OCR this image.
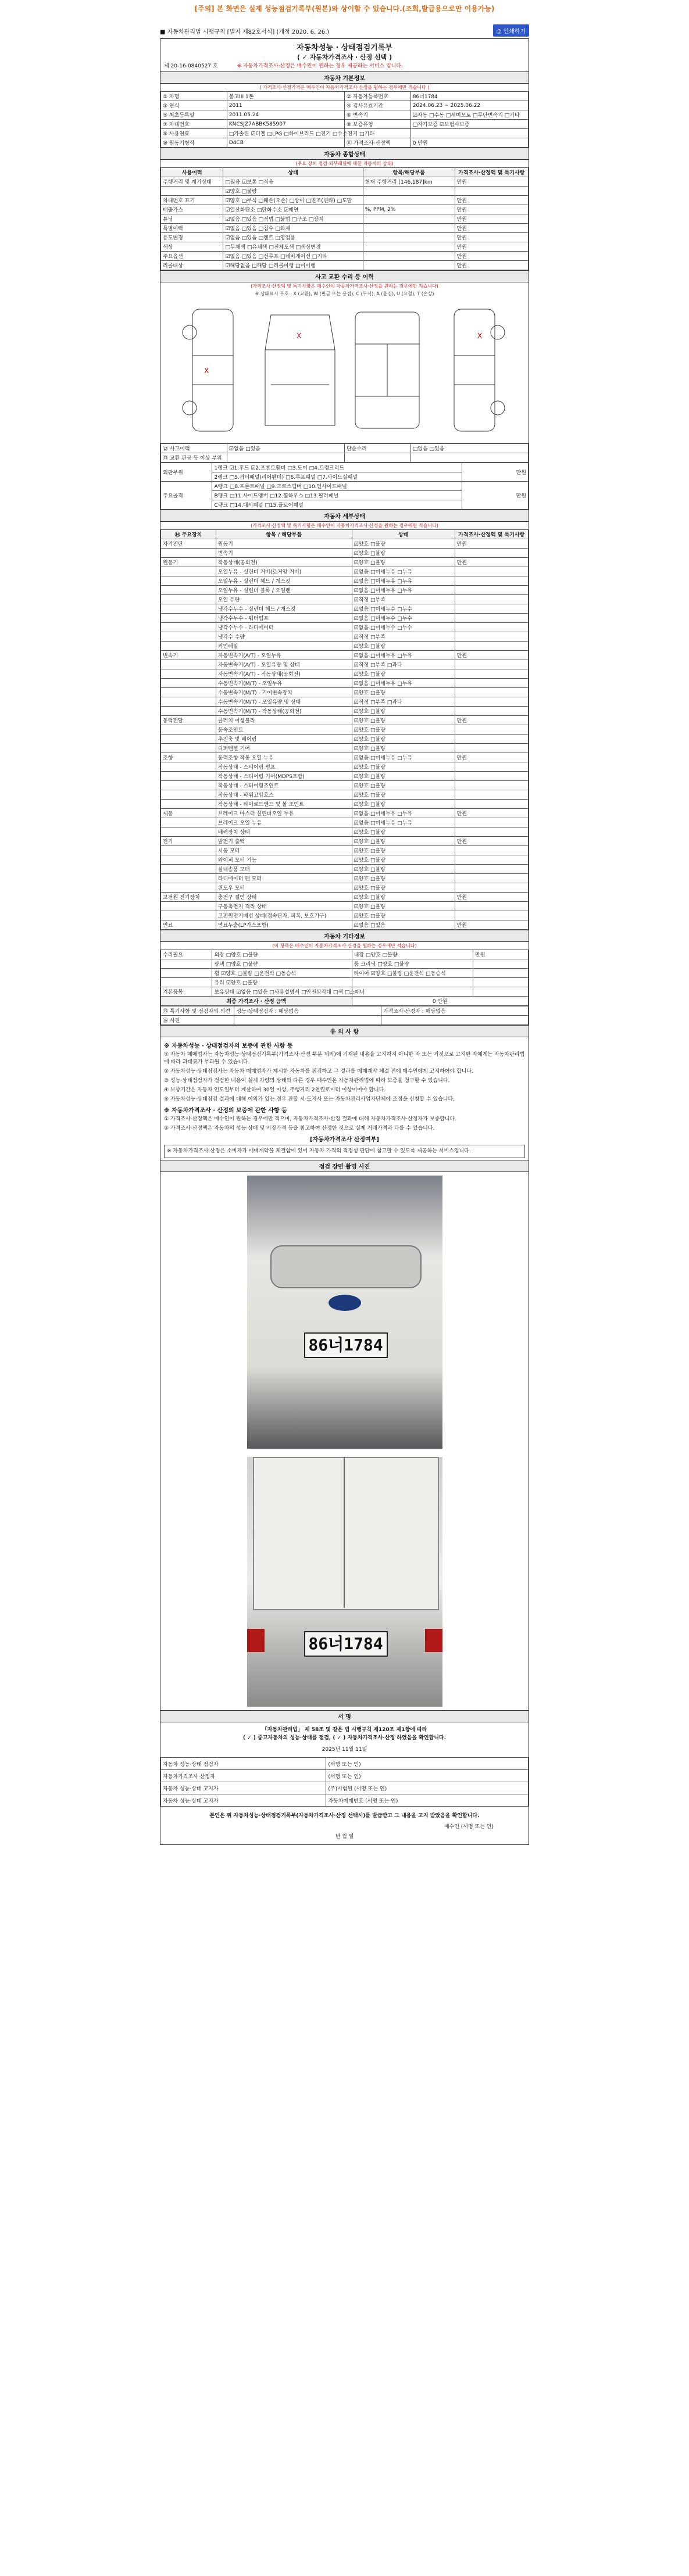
[주의] 본 화면은 실제 성능점검기록부(원본)와 상이할 수 있습니다.(조회,발급용으로만 이용가능)
■ 자동차관리법 시행규칙 [별지 제82호서식] (개정 2020. 6. 26.)	⎙ 인쇄하기
자동차성능 · 상태점검기록부
( ✓ 자동차가격조사 · 산정 선택 )
제 20-16-0840527 호	※ 자동차가격조사·산정은 매수인이 원하는 경우 제공하는 서비스 입니다.
자동차 기본정보
( 가격조사·산정가격은 매수인이 자동차가격조사·산정을 원하는 경우에만 적습니다 )
① 차명	봉고III 1톤	② 자동차등록번호	86너1784
③ 연식	2011	④ 검사유효기간	2024.06.23 ~ 2025.06.22
⑤ 최초등록일	2011.05.24	⑥ 변속기	☑자동 □수동 □세미오토 □무단변속기 □기타
⑦ 차대번호	KNCSJZ7ABBK585907	⑧ 보증유형	□자가보증 ☑보험사보증
⑨ 사용연료	□가솔린 ☑디젤 □LPG □하이브리드 □전기 □수소전기 □기타		
⑩ 원동기형식	D4CB	⑪ 가격조사·산정액	0 만원
자동차 종합상태
(주요 장치 점검·외부패널에 대한 자동차의 상태)
사용이력	상태	항목/해당부품	가격조사·산정액 및 특기사항
주행거리 및 계기상태	□많음 ☑보통 □적음	현재 주행거리 [146,187]km	만원
	☑양호 □불량		
차대번호 표기	☑양호 □부식 □훼손(오손) □상이 □변조(변타) □도말		만원
배출가스	☑일산화탄소 □탄화수소 ☑매연	%, PPM, 2%	만원
튜닝	☑없음 □있음 □적법 □불법 □구조 □장치		만원
특별이력	☑없음 □있음 □침수 □화재		만원
용도변경	☑없음 □있음 □렌트 □영업용		만원
색상	□무채색 □유채색 □전체도색 □색상변경		만원
주요옵션	☑없음 □있음 □선루프 □네비게이션 □기타		만원
리콜대상	☑해당없음 □해당 □리콜이행 □미이행		만원
사고 교환 수리 등 이력
(가격조사·산정액 및 특기사항은 매수인이 자동차가격조사·산정을 원하는 경우에만 적습니다)
※ 상태표시 부호 : X (교환), W (판금 또는 용접), C (부식), A (흠집), U (요철), T (손상)
X
X	X
⑫ 사고이력	☑없음 □있음	단순수리	□없음 □있음
⑬ 교환 판금 등 이상 부위			
외판부위	1랭크 ☑1.후드 ☑2.프론트휀더 □3.도어 □4.트렁크리드	만원
	2랭크 □5.쿼터패널(리어휀더) □6.루프패널 □7.사이드실패널	
주요골격	A랭크 □8.프론트패널 □9.크로스멤버 □10.인사이드패널	만원
	B랭크 □11.사이드멤버 □12.휠하우스 □13.필러패널	
	C랭크 □14.대시패널 □15.플로어패널	
자동차 세부상태
(가격조사·산정액 및 특기사항은 매수인이 자동차가격조사·산정을 원하는 경우에만 적습니다)
⑭ 주요장치	항목 / 해당부품	상태	가격조사·산정액 및 특기사항
자기진단	원동기	☑양호 □불량	만원
	변속기	☑양호 □불량	
원동기	작동상태(공회전)	☑양호 □불량	만원
	오일누유 - 실린더 커버(로커암 커버)	☑없음 □미세누유 □누유	
	오일누유 - 실린더 헤드 / 개스킷	☑없음 □미세누유 □누유	
	오일누유 - 실린더 블록 / 오일팬	☑없음 □미세누유 □누유	
	오일 유량	☑적정 □부족	
	냉각수누수 - 실린더 헤드 / 개스킷	☑없음 □미세누수 □누수	
	냉각수누수 - 워터펌프	☑없음 □미세누수 □누수	
	냉각수누수 - 라디에이터	☑없음 □미세누수 □누수	
	냉각수 수량	☑적정 □부족	
	커먼레일	☑양호 □불량	
변속기	자동변속기(A/T) - 오일누유	☑없음 □미세누유 □누유	만원
	자동변속기(A/T) - 오일유량 및 상태	☑적정 □부족 □과다	
	자동변속기(A/T) - 작동상태(공회전)	☑양호 □불량	
	수동변속기(M/T) - 오일누유	☑없음 □미세누유 □누유	
	수동변속기(M/T) - 기어변속장치	☑양호 □불량	
	수동변속기(M/T) - 오일유량 및 상태	☑적정 □부족 □과다	
	수동변속기(M/T) - 작동상태(공회전)	☑양호 □불량	
동력전달	클러치 어셈블리	☑양호 □불량	만원
	등속조인트	☑양호 □불량	
	추진축 및 베어링	☑양호 □불량	
	디퍼렌셜 기어	☑양호 □불량	
조향	동력조향 작동 오일 누유	☑없음 □미세누유 □누유	만원
	작동상태 - 스티어링 펌프	☑양호 □불량	
	작동상태 - 스티어링 기어(MDPS포함)	☑양호 □불량	
	작동상태 - 스티어링조인트	☑양호 □불량	
	작동상태 - 파워고압호스	☑양호 □불량	
	작동상태 - 타이로드엔드 및 볼 조인트	☑양호 □불량	
제동	브레이크 마스터 실린더오일 누유	☑없음 □미세누유 □누유	만원
	브레이크 오일 누유	☑없음 □미세누유 □누유	
	배력장치 상태	☑양호 □불량	
전기	발전기 출력	☑양호 □불량	만원
	시동 모터	☑양호 □불량	
	와이퍼 모터 기능	☑양호 □불량	
	실내송풍 모터	☑양호 □불량	
	라디에이터 팬 모터	☑양호 □불량	
	윈도우 모터	☑양호 □불량	
고전원 전기장치	충전구 절연 상태	☑양호 □불량	만원
	구동축전지 격리 상태	☑양호 □불량	
	고전원전기배선 상태(접속단자, 피복, 보호기구)	☑양호 □불량	
연료	연료누출(LP가스포함)	☑없음 □있음	만원
자동차 기타정보
(이 항목은 매수인이 자동차가격조사·산정을 원하는 경우에만 적습니다)
수리필요	외장 □양호 □불량	내장 □양호 □불량	만원
	광택 □양호 □불량	룸 크리닝 □양호 □불량	
	휠 ☑양호 □불량 □운전석 □동승석	타이어 ☑양호 □불량 □운전석 □동승석	
	유리 ☑양호 □불량		
기본품목	보유상태 ☑없음 □있음 □사용설명서 □안전삼각대 □잭 □스패너		
최종 가격조사 · 산정 금액		0 만원	
⑮ 특기사항 및 점검자의 의견	성능·상태점검자 : 해당없음	가격조사·산정자 : 해당없음
⑯ 사진		
유 의 사 항
※ 자동차성능 · 상태점검자의 보증에 관한 사항 등
① 자동차 매매업자는 자동차성능·상태점검기록부(가격조사·산정 부분 제외)에 기재된 내용을 고지하지 아니한 자 또는 거짓으로 고지한 자에게는 자동차관리법에 따라 과태료가 부과될 수 있습니다.
② 자동차성능·상태점검자는 자동차 매매업자가 제시한 자동차를 점검하고 그 결과를 매매계약 체결 전에 매수인에게 고지하여야 합니다.
③ 성능·상태점검자가 점검한 내용이 실제 차량의 상태와 다른 경우 매수인은 자동차관리법에 따라 보증을 청구할 수 있습니다.
④ 보증기간은 자동차 인도일부터 계산하여 30일 이상, 주행거리 2천킬로미터 이상이어야 합니다.
⑤ 자동차성능·상태점검 결과에 대해 이의가 있는 경우 관할 시·도지사 또는 자동차관리사업자단체에 조정을 신청할 수 있습니다.
※ 자동차가격조사 · 산정의 보증에 관한 사항 등
① 가격조사·산정액은 매수인이 원하는 경우에만 적으며, 자동차가격조사·산정 결과에 대해 자동차가격조사·산정자가 보증합니다.
② 가격조사·산정액은 자동차의 성능·상태 및 시장가격 등을 참고하여 산정한 것으로 실제 거래가격과 다를 수 있습니다.
[자동차가격조사 산정여부]
※ 자동차가격조사·산정은 소비자가 매매계약을 체결함에 있어 자동차 가격의 적정성 판단에 참고할 수 있도록 제공하는 서비스입니다.
점검 장면 촬영 사진
86너1784
86너1784
서 명
「자동차관리법」 제 58조 및 같은 법 시행규칙 제120조 제1항에 따라
( ✓ ) 중고자동차의 성능·상태를 점검, ( ✓ ) 자동차가격조사·산정 하였음을 확인합니다.
2025년 11월 11일
자동차 성능·상태 점검자	(서명 또는 인)
자동차가격조사·산정자	(서명 또는 인)
자동차 성능·상태 고지자	(주)시험원 (서명 또는 인)
자동차 성능·상태 고지자	자동차매매번호 (서명 또는 인)
본인은 위 자동차성능·상태점검기록부(자동차가격조사·산정 선택시)를 발급받고 그 내용을 고지 받았음을 확인합니다.
매수인 (서명 또는 인)
년 월 일
